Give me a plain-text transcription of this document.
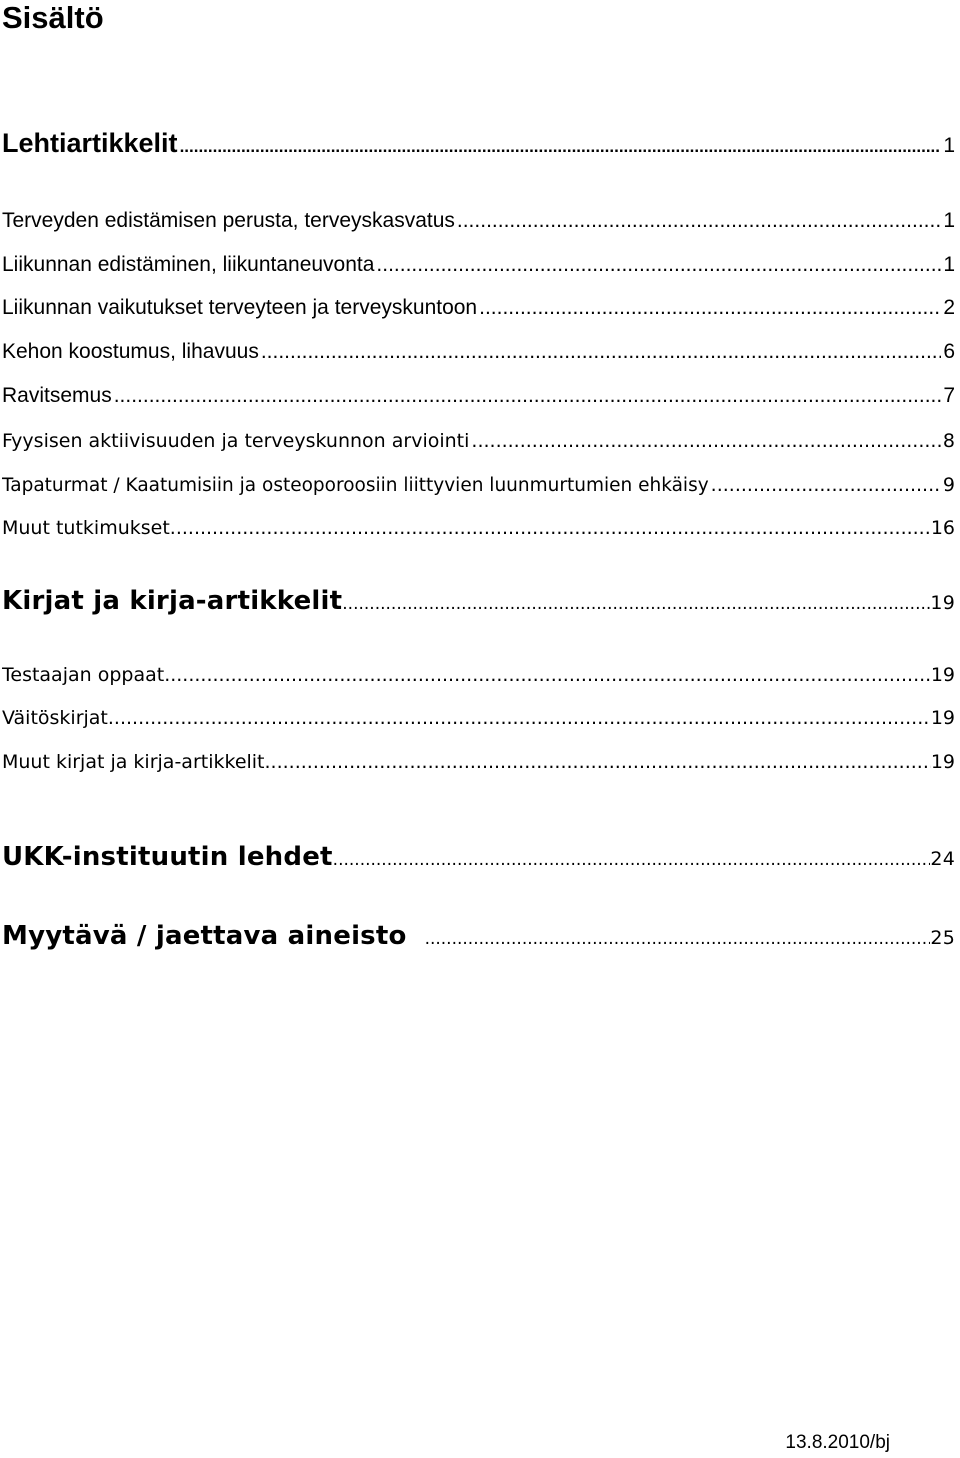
Sisältö
Lehtiartikkelit .....	1
Terveyden edistämisen perusta, terveyskasvatus .....	1
Liikunnan edistäminen, liikuntaneuvonta .....	1
Liikunnan vaikutukset terveyteen ja terveyskuntoon .....	2
Kehon koostumus, lihavuus .....	6
Ravitsemus .....	7
Fyysisen aktiivisuuden ja terveyskunnon arviointi .....	8
Tapaturmat / Kaatumisiin ja osteoporoosiin liittyvien luunmurtumien ehkäisy .....	9
Muut tutkimukset .....	16
Kirjat ja kirja-artikkelit .....	19
Testaajan oppaat .....	19
Väitöskirjat .....	19
Muut kirjat ja kirja-artikkelit .....	19
UKK-instituutin lehdet .....	24
Myytävä / jaettava aineisto .....	25
13.8.2010/bj
